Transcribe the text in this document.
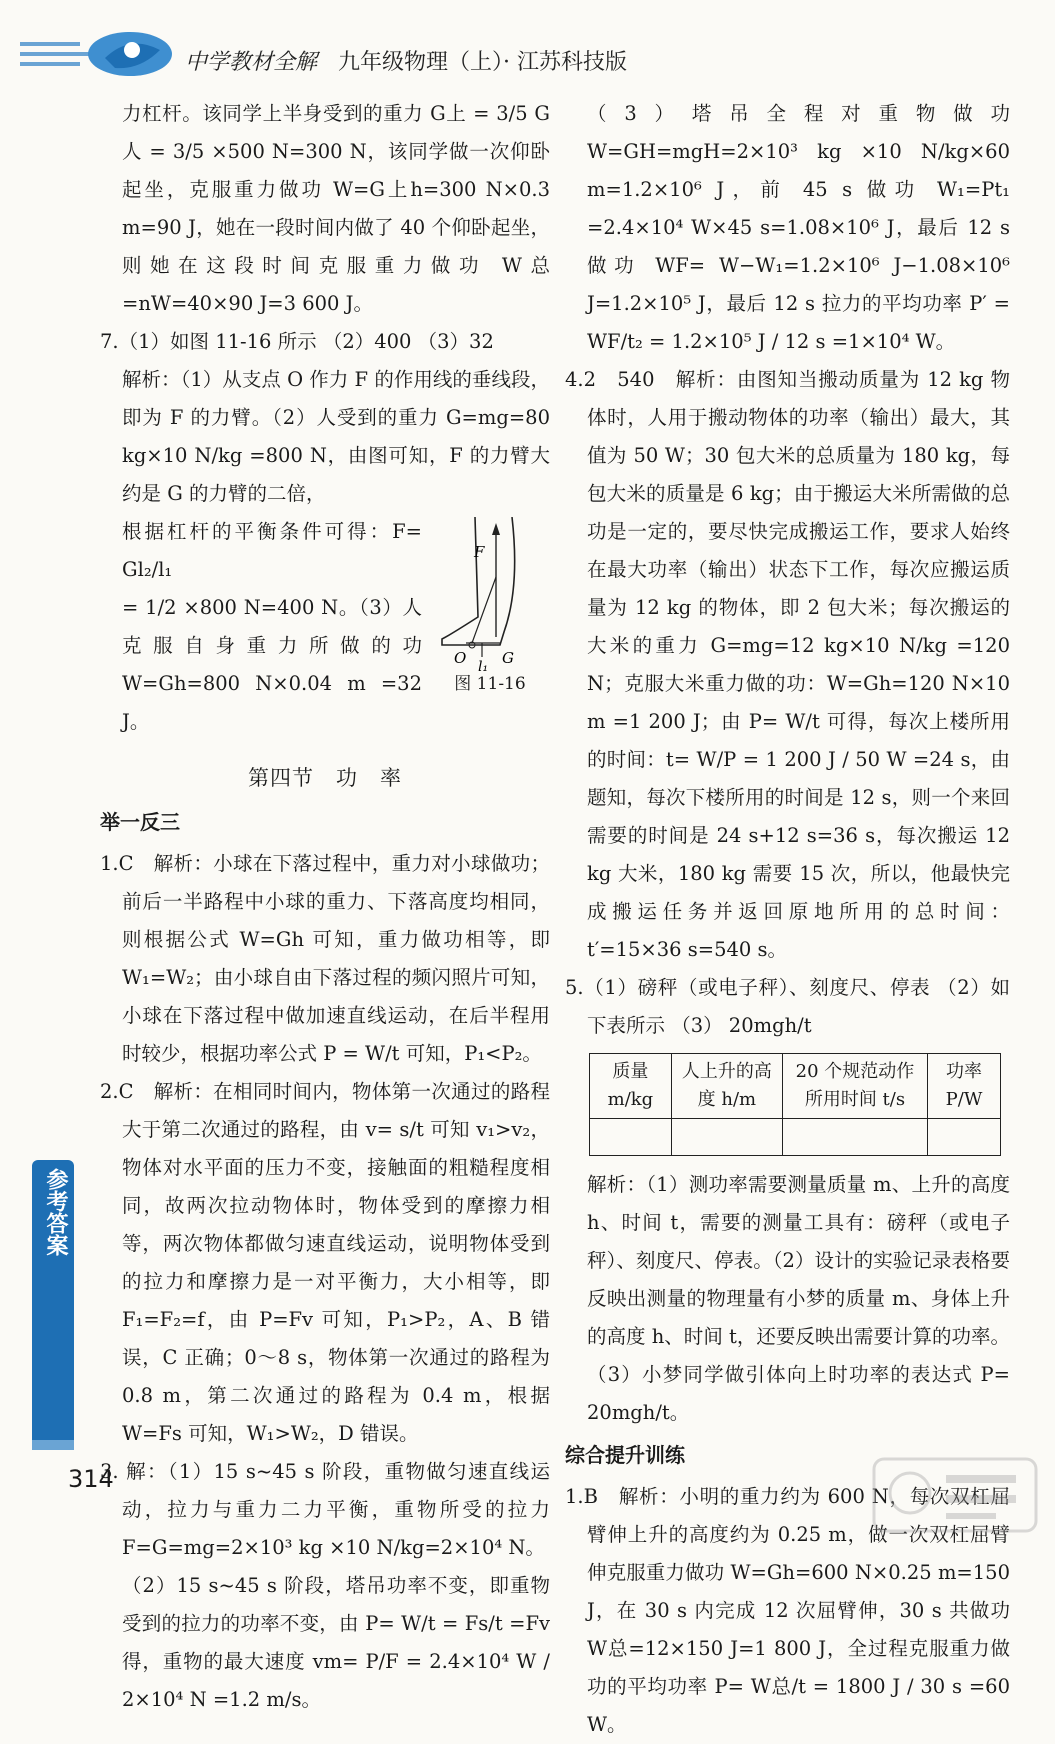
中学教材全解 九年级物理（上）· 江苏科技版

力杠杆。该同学上半身受到的重力 G上 = 3/5 G人 = 3/5 ×500 N=300 N，该同学做一次仰卧起坐，克服重力做功 W=G上h=300 N×0.3 m=90 J，她在一段时间内做了 40 个仰卧起坐，则她在这段时间克服重力做功 W总=nW=40×90 J=3 600 J。

7.（1）如图 11-16 所示 （2）400 （3）32

解析：（1）从支点 O 作力 F 的作用线的垂线段，即为 F 的力臂。（2）人受到的重力 G=mg=80 kg×10 N/kg =800 N，由图可知，F 的力臂大约是 G 的力臂的二倍，

F
O G
l₁
图 11-16

根据杠杆的平衡条件可得：F= Gl₂/l₁

= 1/2 ×800 N=400 N。（3）人克服自身重力所做的功 W=Gh=800 N×0.04 m =32 J。

第四节　功　率
举一反三

1.C　解析：小球在下落过程中，重力对小球做功；前后一半路程中小球的重力、下落高度均相同，则根据公式 W=Gh 可知，重力做功相等，即 W₁=W₂；由小球自由下落过程的频闪照片可知，小球在下落过程中做加速直线运动，在后半程用时较少，根据功率公式 P = W/t 可知，P₁<P₂。

2.C　解析：在相同时间内，物体第一次通过的路程大于第二次通过的路程，由 v= s/t 可知 v₁>v₂，物体对水平面的压力不变，接触面的粗糙程度相同，故两次拉动物体时，物体受到的摩擦力相等，两次物体都做匀速直线运动，说明物体受到的拉力和摩擦力是一对平衡力，大小相等，即 F₁=F₂=f，由 P=Fv 可知，P₁>P₂，A、B 错误，C 正确；0～8 s，物体第一次通过的路程为 0.8 m，第二次通过的路程为 0.4 m，根据 W=Fs 可知，W₁>W₂，D 错误。

3. 解：（1）15 s~45 s 阶段，重物做匀速直线运动，拉力与重力二力平衡，重物所受的拉力 F=G=mg=2×10³ kg ×10 N/kg=2×10⁴ N。

（2）15 s~45 s 阶段，塔吊功率不变，即重物受到的拉力的功率不变，由 P= W/t = Fs/t =Fv 得，重物的最大速度 vm= P/F = 2.4×10⁴ W / 2×10⁴ N =1.2 m/s。

（3）塔吊全程对重物做功 W=GH=mgH=2×10³ kg ×10 N/kg×60 m=1.2×10⁶ J，前 45 s 做功 W₁=Pt₁ =2.4×10⁴ W×45 s=1.08×10⁶ J，最后 12 s 做功 WF= W−W₁=1.2×10⁶ J−1.08×10⁶ J=1.2×10⁵ J，最后 12 s 拉力的平均功率 P′ = WF/t₂ = 1.2×10⁵ J / 12 s =1×10⁴ W。

4.2　540　解析：由图知当搬动质量为 12 kg 物体时，人用于搬动物体的功率（输出）最大，其值为 50 W；30 包大米的总质量为 180 kg，每包大米的质量是 6 kg；由于搬运大米所需做的总功是一定的，要尽快完成搬运工作，要求人始终在最大功率（输出）状态下工作，每次应搬运质量为 12 kg 的物体，即 2 包大米；每次搬运的大米的重力 G=mg=12 kg×10 N/kg =120 N；克服大米重力做的功：W=Gh=120 N×10 m =1 200 J；由 P= W/t 可得，每次上楼所用的时间：t= W/P = 1 200 J / 50 W =24 s，由题知，每次下楼所用的时间是 12 s，则一个来回需要的时间是 24 s+12 s=36 s，每次搬运 12 kg 大米，180 kg 需要 15 次，所以，他最快完成搬运任务并返回原地所用的总时间：t′=15×36 s=540 s。

5.（1）磅秤（或电子秤）、刻度尺、停表 （2）如下表所示 （3） 20mgh/t

质量 m/kg	人上升的高度 h/m	20 个规范动作所用时间 t/s	功率 P/W

解析：（1）测功率需要测量质量 m、上升的高度 h、时间 t，需要的测量工具有：磅秤（或电子秤）、刻度尺、停表。（2）设计的实验记录表格要反映出测量的物理量有小梦的质量 m、身体上升的高度 h、时间 t，还要反映出需要计算的功率。（3）小梦同学做引体向上时功率的表达式 P= 20mgh/t。

综合提升训练

1.B　解析：小明的重力约为 600 N，每次双杠屈臂伸上升的高度约为 0.25 m，做一次双杠屈臂伸克服重力做功 W=Gh=600 N×0.25 m=150 J，在 30 s 内完成 12 次屈臂伸，30 s 共做功 W总=12×150 J=1 800 J，全过程克服重力做功的平均功率 P= W总/t = 1800 J / 30 s =60 W。

参考答案
314
